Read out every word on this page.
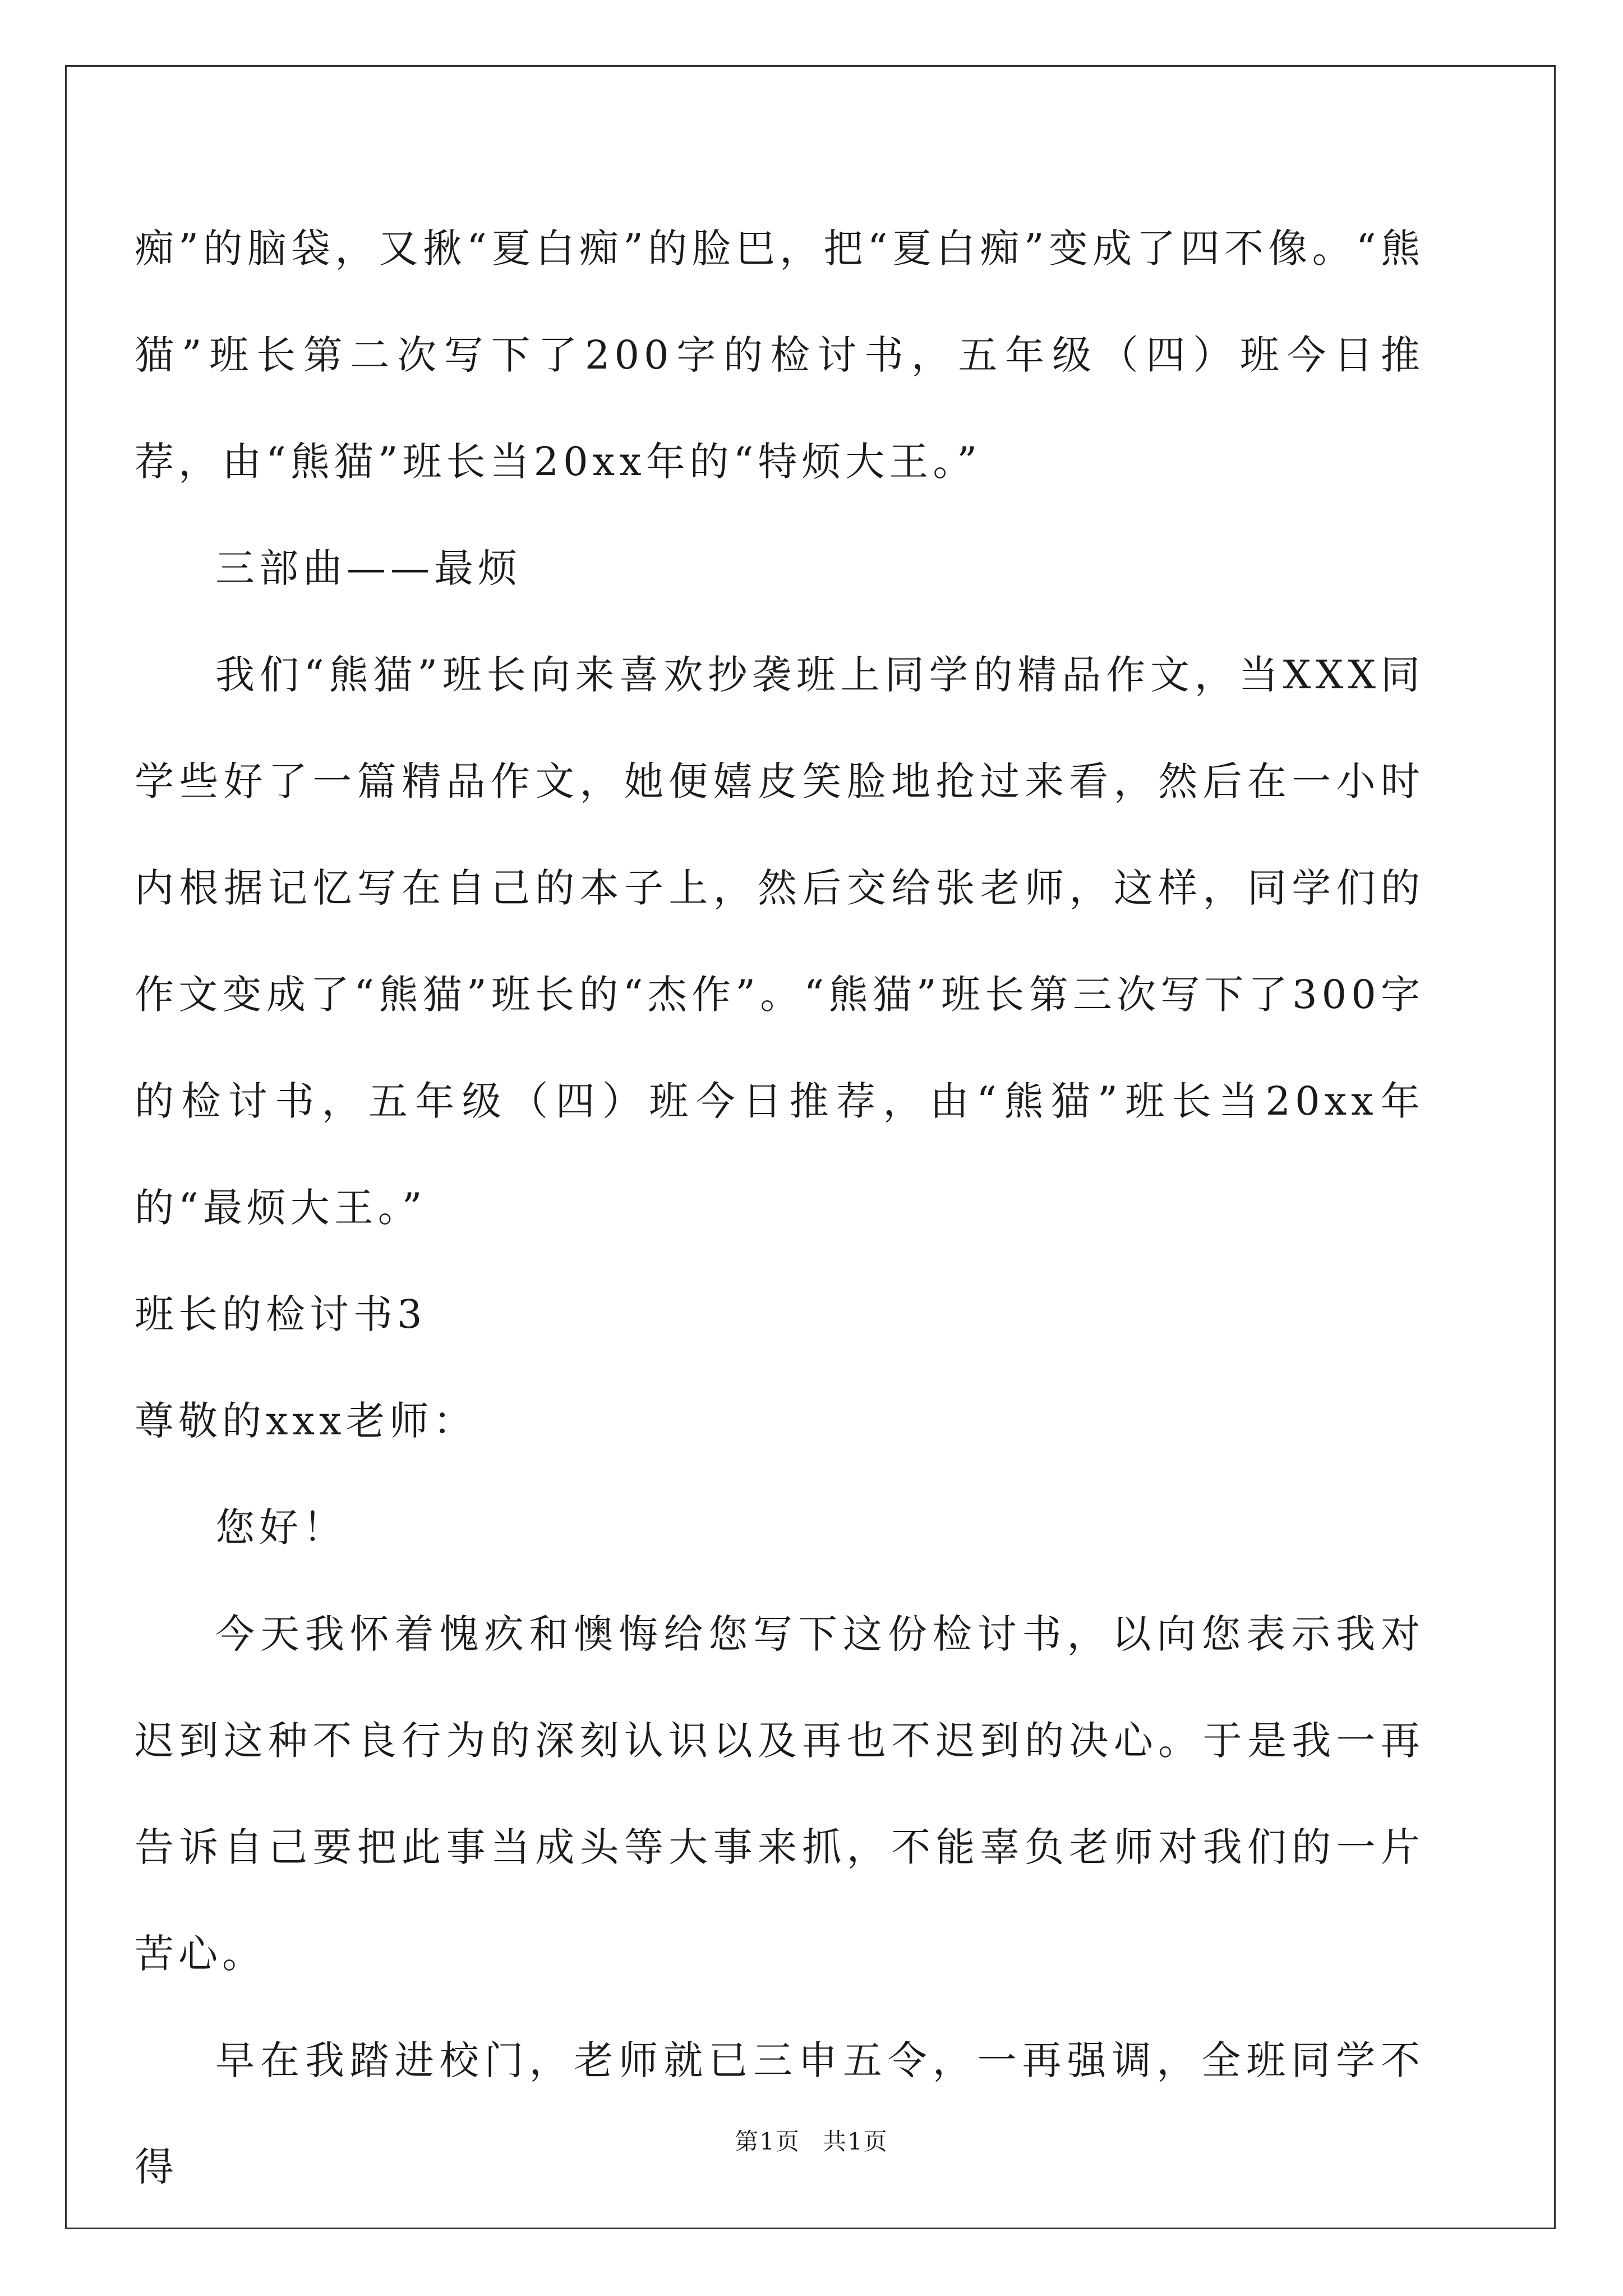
痴”的脑袋，又揪“夏白痴”的脸巴，把“夏白痴”变成了四不像。“熊猫”班长第二次写下了200字的检讨书，五年级（四）班今日推荐，由“熊猫”班长当20xx年的“特烦大王。”

三部曲——最烦

我们“熊猫”班长向来喜欢抄袭班上同学的精品作文，当XXX同学些好了一篇精品作文，她便嬉皮笑脸地抢过来看，然后在一小时内根据记忆写在自己的本子上，然后交给张老师，这样，同学们的作文变成了“熊猫”班长的“杰作”。“熊猫”班长第三次写下了300字的检讨书，五年级（四）班今日推荐，由“熊猫”班长当20xx年的“最烦大王。”

班长的检讨书3

尊敬的xxx老师：

您好！

今天我怀着愧疚和懊悔给您写下这份检讨书，以向您表示我对迟到这种不良行为的深刻认识以及再也不迟到的决心。于是我一再告诉自己要把此事当成头等大事来抓，不能辜负老师对我们的一片苦心。

早在我踏进校门，老师就已三申五令，一再强调，全班同学不得

第1页 共1页
